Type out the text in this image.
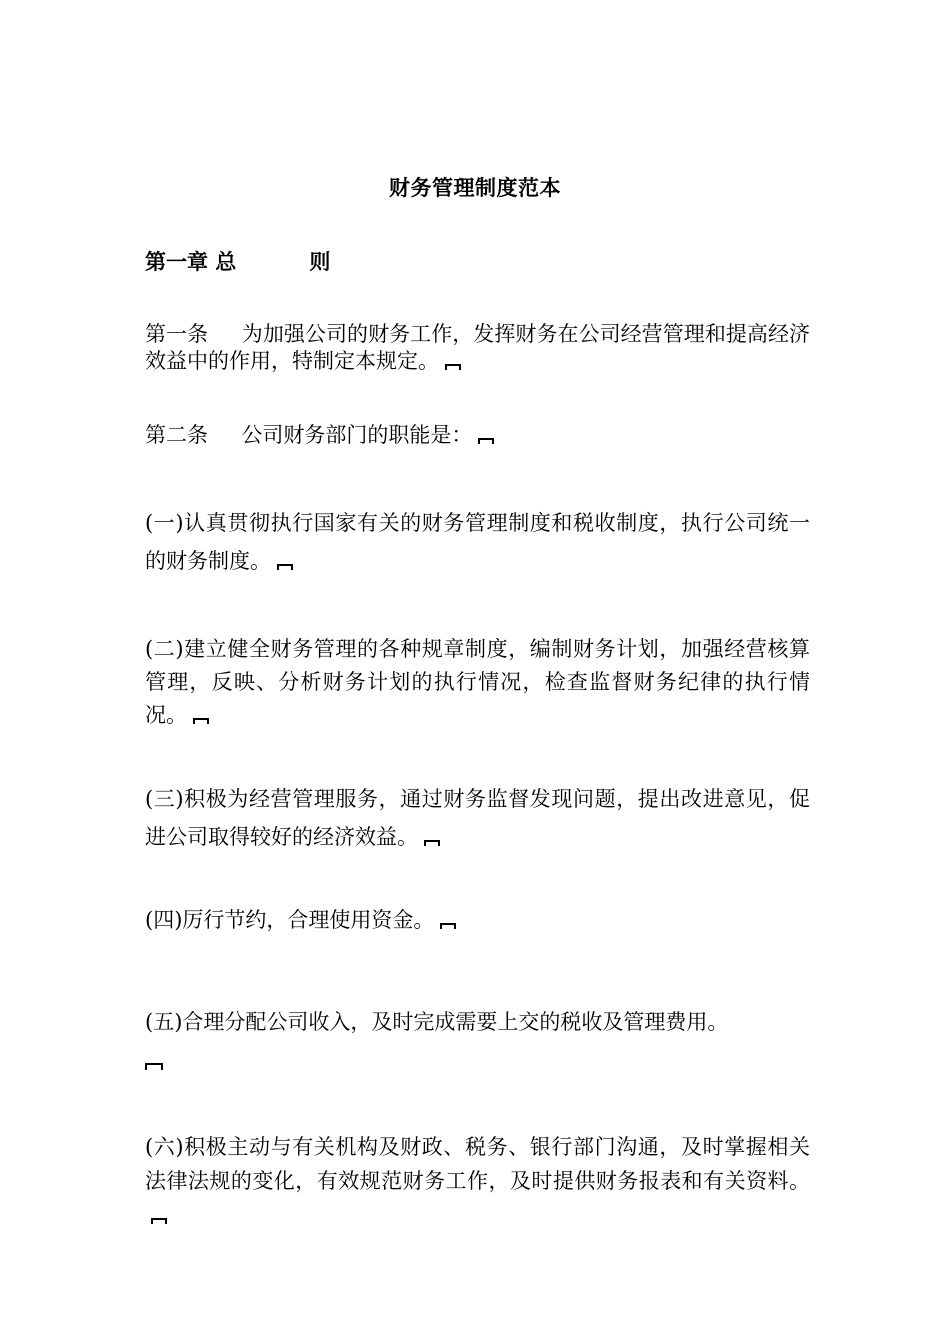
财务管理制度范本
第一章 总          则
第一条 为加强公司的财务工作，发挥财务在公司经营管理和提高经济效益中的作用，特制定本规定。
第二条 公司财务部门的职能是：
(一)认真贯彻执行国家有关的财务管理制度和税收制度，执行公司统一的财务制度。
(二)建立健全财务管理的各种规章制度，编制财务计划，加强经营核算管理，反映、分析财务计划的执行情况，检查监督财务纪律的执行情况。
(三)积极为经营管理服务，通过财务监督发现问题，提出改进意见，促进公司取得较好的经济效益。
(四)厉行节约，合理使用资金。
(五)合理分配公司收入，及时完成需要上交的税收及管理费用。
(六)积极主动与有关机构及财政、税务、银行部门沟通，及时掌握相关法律法规的变化，有效规范财务工作，及时提供财务报表和有关资料。
